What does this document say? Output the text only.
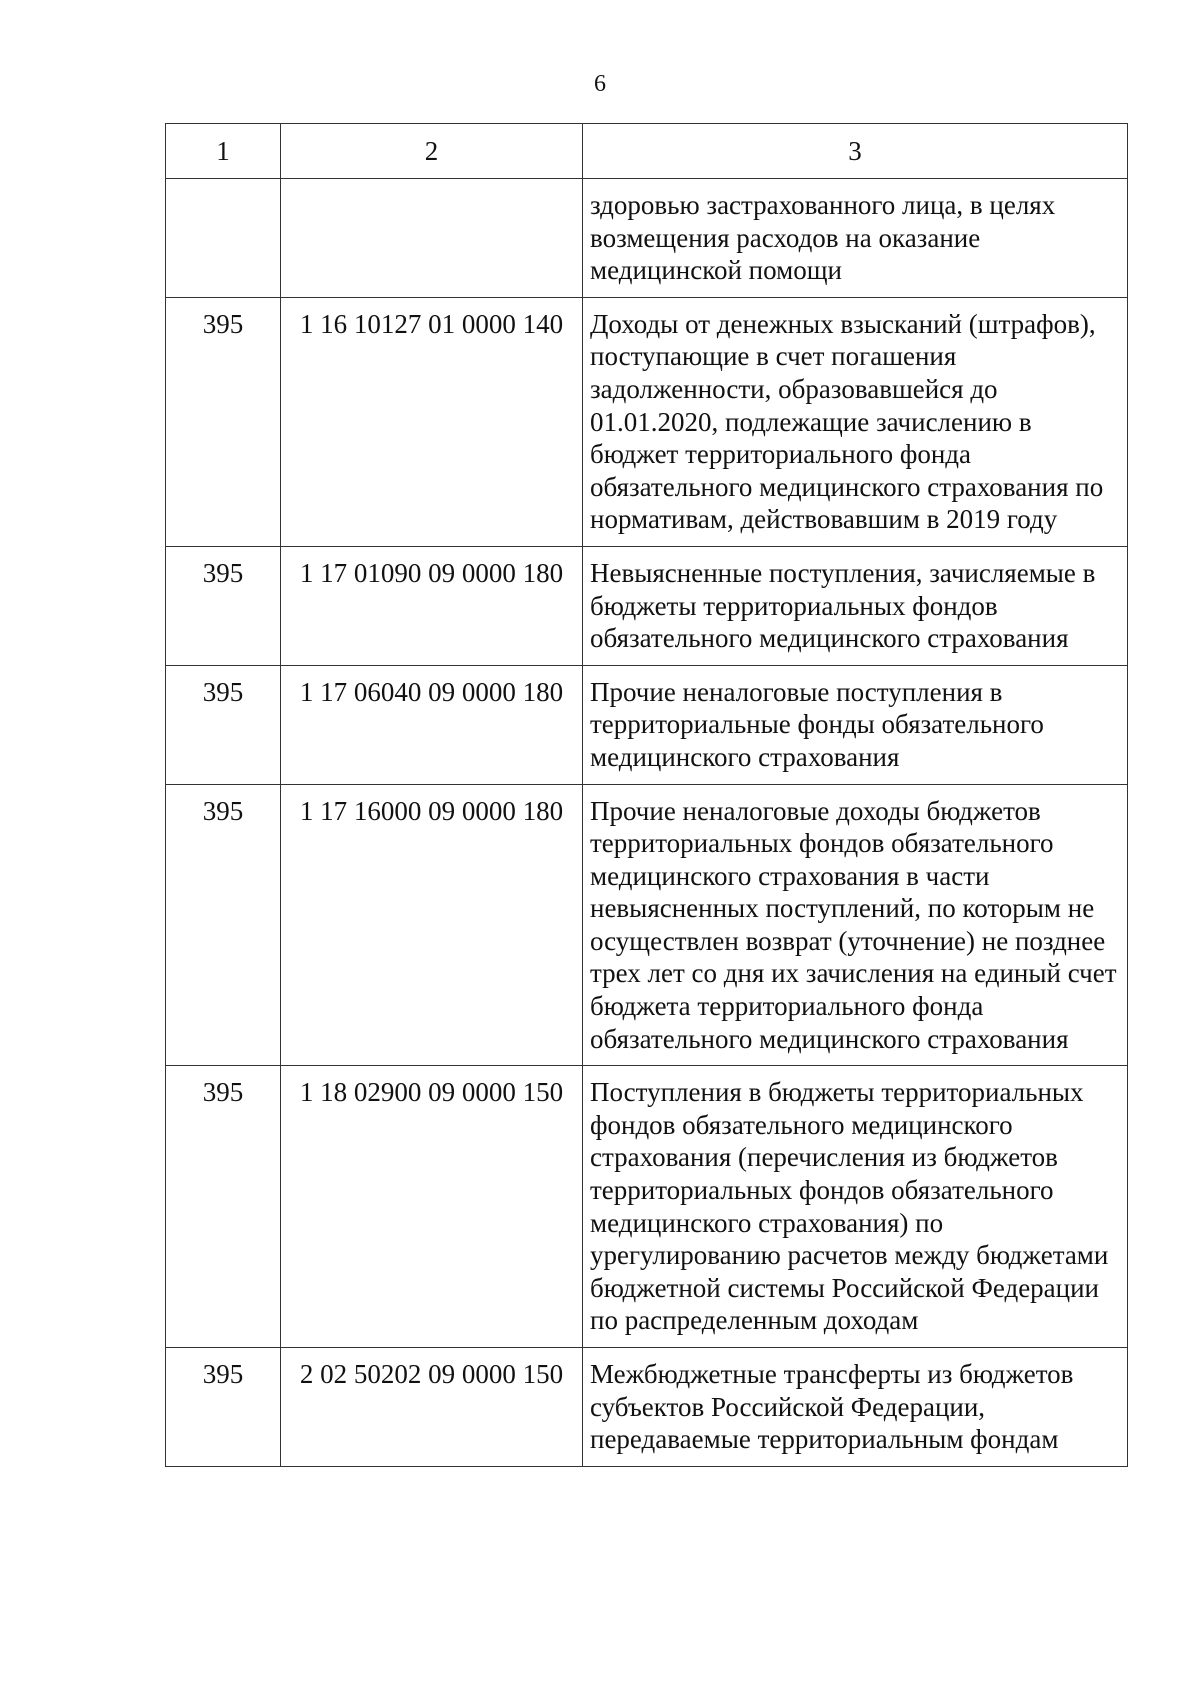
6
1	2	3
		здоровью застрахованного лица, в целях возмещения расходов на оказание медицинской помощи
395	1 16 10127 01 0000 140	Доходы от денежных взысканий (штрафов), поступающие в счет погашения задолженности, образовавшейся до 01.01.2020, подлежащие зачислению в бюджет территориального фонда обязательного медицинского страхования по нормативам, действовавшим в 2019 году
395	1 17 01090 09 0000 180	Невыясненные поступления, зачисляемые в бюджеты территориальных фондов обязательного медицинского страхования
395	1 17 06040 09 0000 180	Прочие неналоговые поступления в территориальные фонды обязательного медицинского страхования
395	1 17 16000 09 0000 180	Прочие неналоговые доходы бюджетов территориальных фондов обязательного медицинского страхования в части невыясненных поступлений, по которым не осуществлен возврат (уточнение) не позднее трех лет со дня их зачисления на единый счет бюджета территориального фонда обязательного медицинского страхования
395	1 18 02900 09 0000 150	Поступления в бюджеты территориальных фондов обязательного медицинского страхования (перечисления из бюджетов территориальных фондов обязательного медицинского страхования) по урегулированию расчетов между бюджетами бюджетной системы Российской Федерации по распределенным доходам
395	2 02 50202 09 0000 150	Межбюджетные трансферты из бюджетов субъектов Российской Федерации, передаваемые территориальным фондам
